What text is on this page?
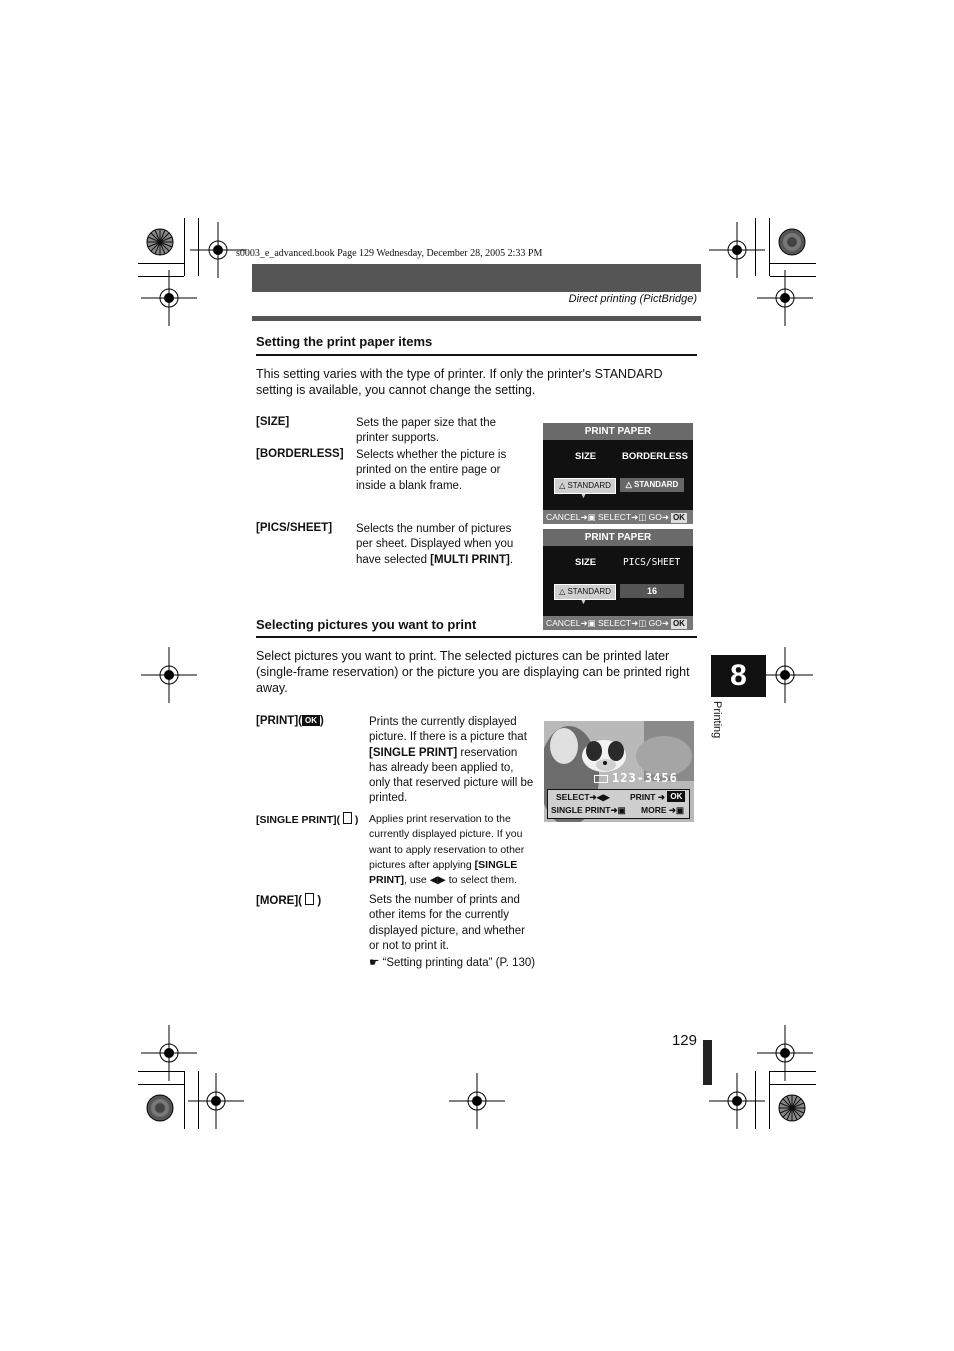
s0003_e_advanced.book Page 129 Wednesday, December 28, 2005 2:33 PM
Direct printing (PictBridge)
Setting the print paper items
This setting varies with the type of printer. If only the printer's STANDARD setting is available, you cannot change the setting.
[SIZE]	Sets the paper size that the printer supports.
[BORDERLESS] Selects whether the picture is printed on the entire page or inside a blank frame.
[PICS/SHEET] Selects the number of pictures per sheet. Displayed when you have selected [MULTI PRINT].
PRINT PAPER
SIZE	BORDERLESS
△ STANDARD	△ STANDARD
▼
CANCEL➜▣ SELECT➜◫ GO➜ OK
PRINT PAPER
SIZE	PICS/SHEET
△ STANDARD	16
▼
CANCEL➜▣ SELECT➜◫ GO➜ OK
Selecting pictures you want to print
Select pictures you want to print. The selected pictures can be printed later (single-frame reservation) or the picture you are displaying can be printed right away.
[PRINT]( OK )	Prints the currently displayed picture. If there is a picture that [SINGLE PRINT] reservation has already been applied to, only that reserved picture will be printed.
[SINGLE PRINT](  ) Applies print reservation to the currently displayed picture. If you want to apply reservation to other pictures after applying [SINGLE PRINT], use ◀▶ to select them.
[MORE](  )	Sets the number of prints and other items for the currently displayed picture, and whether or not to print it.
☛ “Setting printing data” (P. 130)
123-3456
SELECT➜◀▶ PRINT ➜ OK
SINGLE PRINT➜▣ MORE ➜▣
8
Printing
129
